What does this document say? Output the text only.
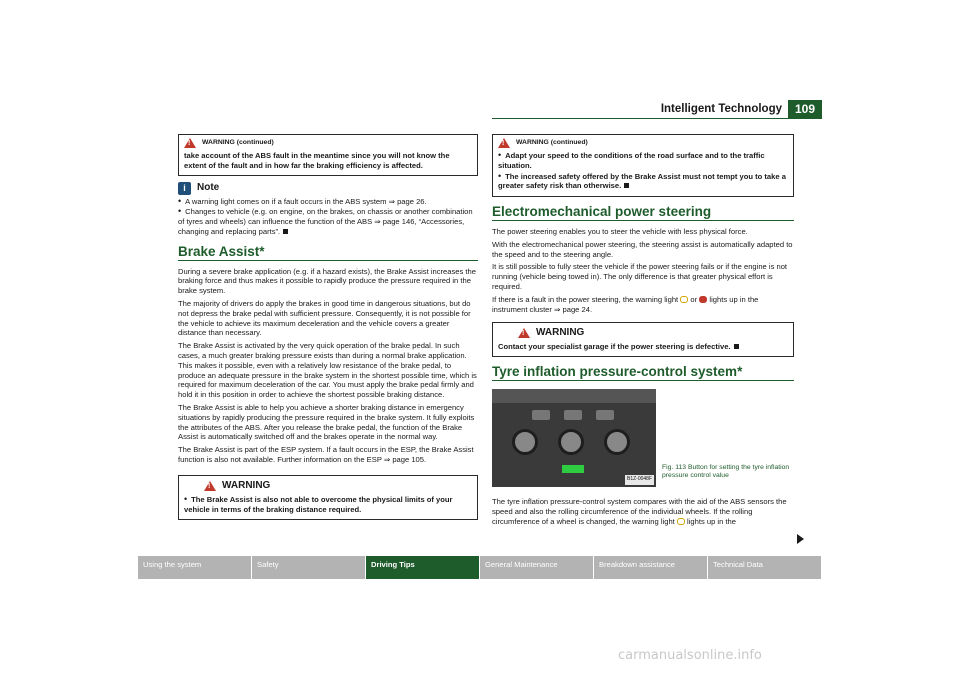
Intelligent Technology	109
!
WARNING (continued)

take account of the ABS fault in the meantime since you will not know the extent of the fault and in how far the braking efficiency is affected.

i	Note
• A warning light comes on if a fault occurs in the ABS system ⇒ page 26.
• Changes to vehicle (e.g. on engine, on the brakes, on chassis or another combination of tyres and wheels) can influence the function of the ABS ⇒ page 146, “Accessories, changing and replacing parts”.
Brake Assist*

During a severe brake application (e.g. if a hazard exists), the Brake Assist increases the braking force and thus makes it possible to rapidly produce the pressure required in the brake system.

The majority of drivers do apply the brakes in good time in dangerous situations, but do not depress the brake pedal with sufficient pressure. Consequently, it is not possible for the vehicle to achieve its maximum deceleration and the vehicle covers a greater distance than necessary.

The Brake Assist is activated by the very quick operation of the brake pedal. In such cases, a much greater braking pressure exists than during a normal brake application. This makes it possible, even with a relatively low resistance of the brake pedal, to produce an adequate pressure in the brake system in the shortest possible time, which is required for maximum deceleration of the car. You must apply the brake pedal firmly and hold it in this position in order to achieve the shortest possible braking distance.

The Brake Assist is able to help you achieve a shorter braking distance in emergency situations by rapidly producing the pressure required in the brake system. It fully exploits the attributes of the ABS. After you release the brake pedal, the function of the Brake Assist is automatically switched off and the brakes operate in the normal way.

The Brake Assist is part of the ESP system. If a fault occurs in the ESP, the Brake Assist function is also not available. Further information on the ESP ⇒ page 105.

!
WARNING
• The Brake Assist is also not able to overcome the physical limits of your vehicle in terms of the braking distance required.
!
WARNING (continued)
• Adapt your speed to the conditions of the road surface and to the traffic situation.
• The increased safety offered by the Brake Assist must not tempt you to take a greater safety risk than otherwise.
Electromechanical power steering

The power steering enables you to steer the vehicle with less physical force.

With the electromechanical power steering, the steering assist is automatically adapted to the speed and to the steering angle.

It is still possible to fully steer the vehicle if the power steering fails or if the engine is not running (vehicle being towed in). The only difference is that greater physical effort is required.

If there is a fault in the power steering, the warning light or lights up in the instrument cluster ⇒ page 24.

!
WARNING

Contact your specialist garage if the power steering is defective.

Tyre inflation pressure-control system*
B1Z-0048F
Fig. 113 Button for setting the tyre inflation pressure control value

The tyre inflation pressure-control system compares with the aid of the ABS sensors the speed and also the rolling circumference of the individual wheels. If the rolling circumference of a wheel is changed, the warning light lights up in the

Using the system	Safety	Driving Tips	General Maintenance	Breakdown assistance	Technical Data
carmanualsonline.info
